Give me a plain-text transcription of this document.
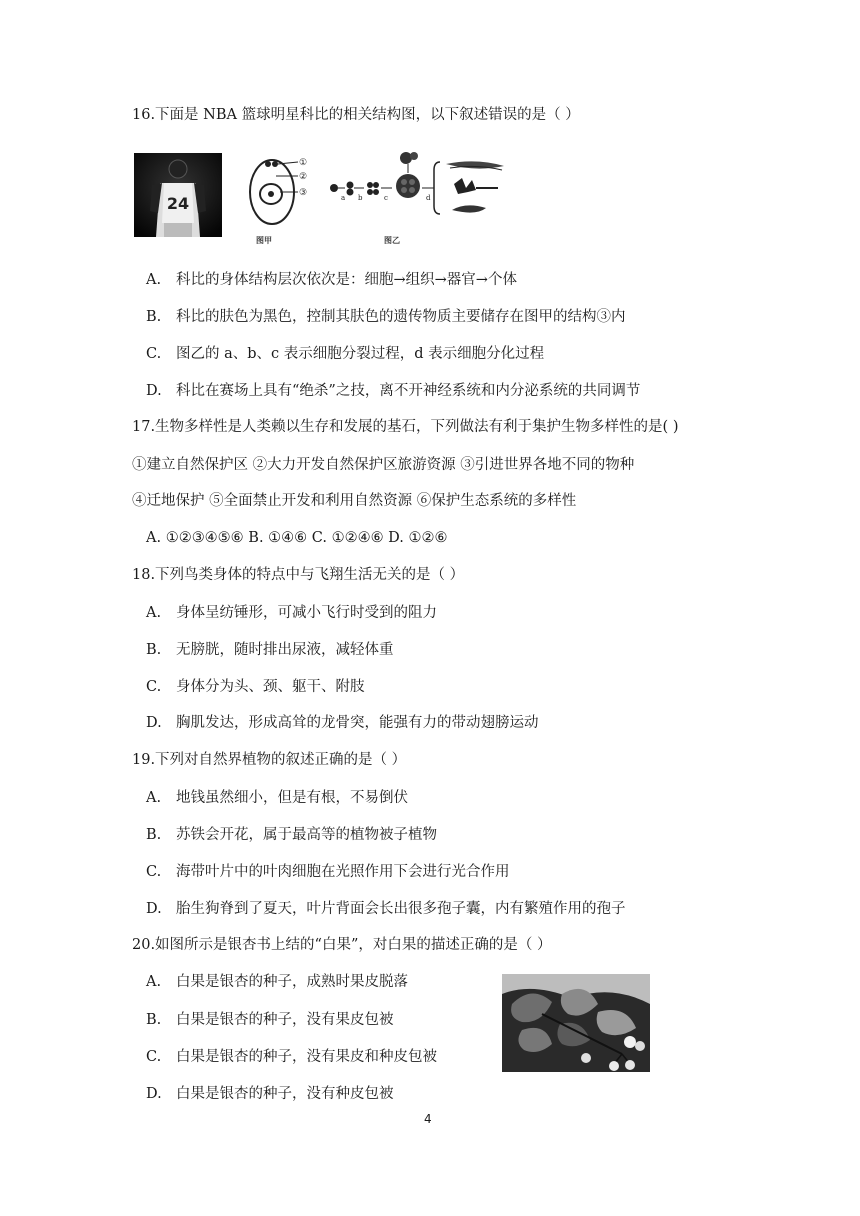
16.下面是 NBA 篮球明星科比的相关结构图，以下叙述错误的是（ ）
24
①
②
③
图甲
a b	c	d
图乙
A. 科比的身体结构层次依次是：细胞→组织→器官→个体
B. 科比的肤色为黑色，控制其肤色的遗传物质主要储存在图甲的结构③内
C. 图乙的 a、b、c 表示细胞分裂过程，d 表示细胞分化过程
D. 科比在赛场上具有“绝杀”之技，离不开神经系统和内分泌系统的共同调节
17.生物多样性是人类赖以生存和发展的基石，下列做法有利于集护生物多样性的是( )
①建立自然保护区 ②大力开发自然保护区旅游资源 ③引进世界各地不同的物种
④迁地保护 ⑤全面禁止开发和利用自然资源 ⑥保护生态系统的多样性
A. ①②③④⑤⑥ B. ①④⑥ C. ①②④⑥ D. ①②⑥
18.下列鸟类身体的特点中与飞翔生活无关的是（ ）
A. 身体呈纺锤形，可减小飞行时受到的阻力
B. 无膀胱，随时排出尿液，减轻体重
C. 身体分为头、颈、躯干、附肢
D. 胸肌发达，形成高耸的龙骨突，能强有力的带动翅膀运动
19.下列对自然界植物的叙述正确的是（ ）
A. 地钱虽然细小，但是有根，不易倒伏
B. 苏铁会开花，属于最高等的植物被子植物
C. 海带叶片中的叶肉细胞在光照作用下会进行光合作用
D. 胎生狗脊到了夏天，叶片背面会长出很多孢子囊，内有繁殖作用的孢子
20.如图所示是银杏书上结的“白果”，对白果的描述正确的是（ ）
A. 白果是银杏的种子，成熟时果皮脱落
B. 白果是银杏的种子，没有果皮包被
C. 白果是银杏的种子，没有果皮和种皮包被
D. 白果是银杏的种子，没有种皮包被
4
